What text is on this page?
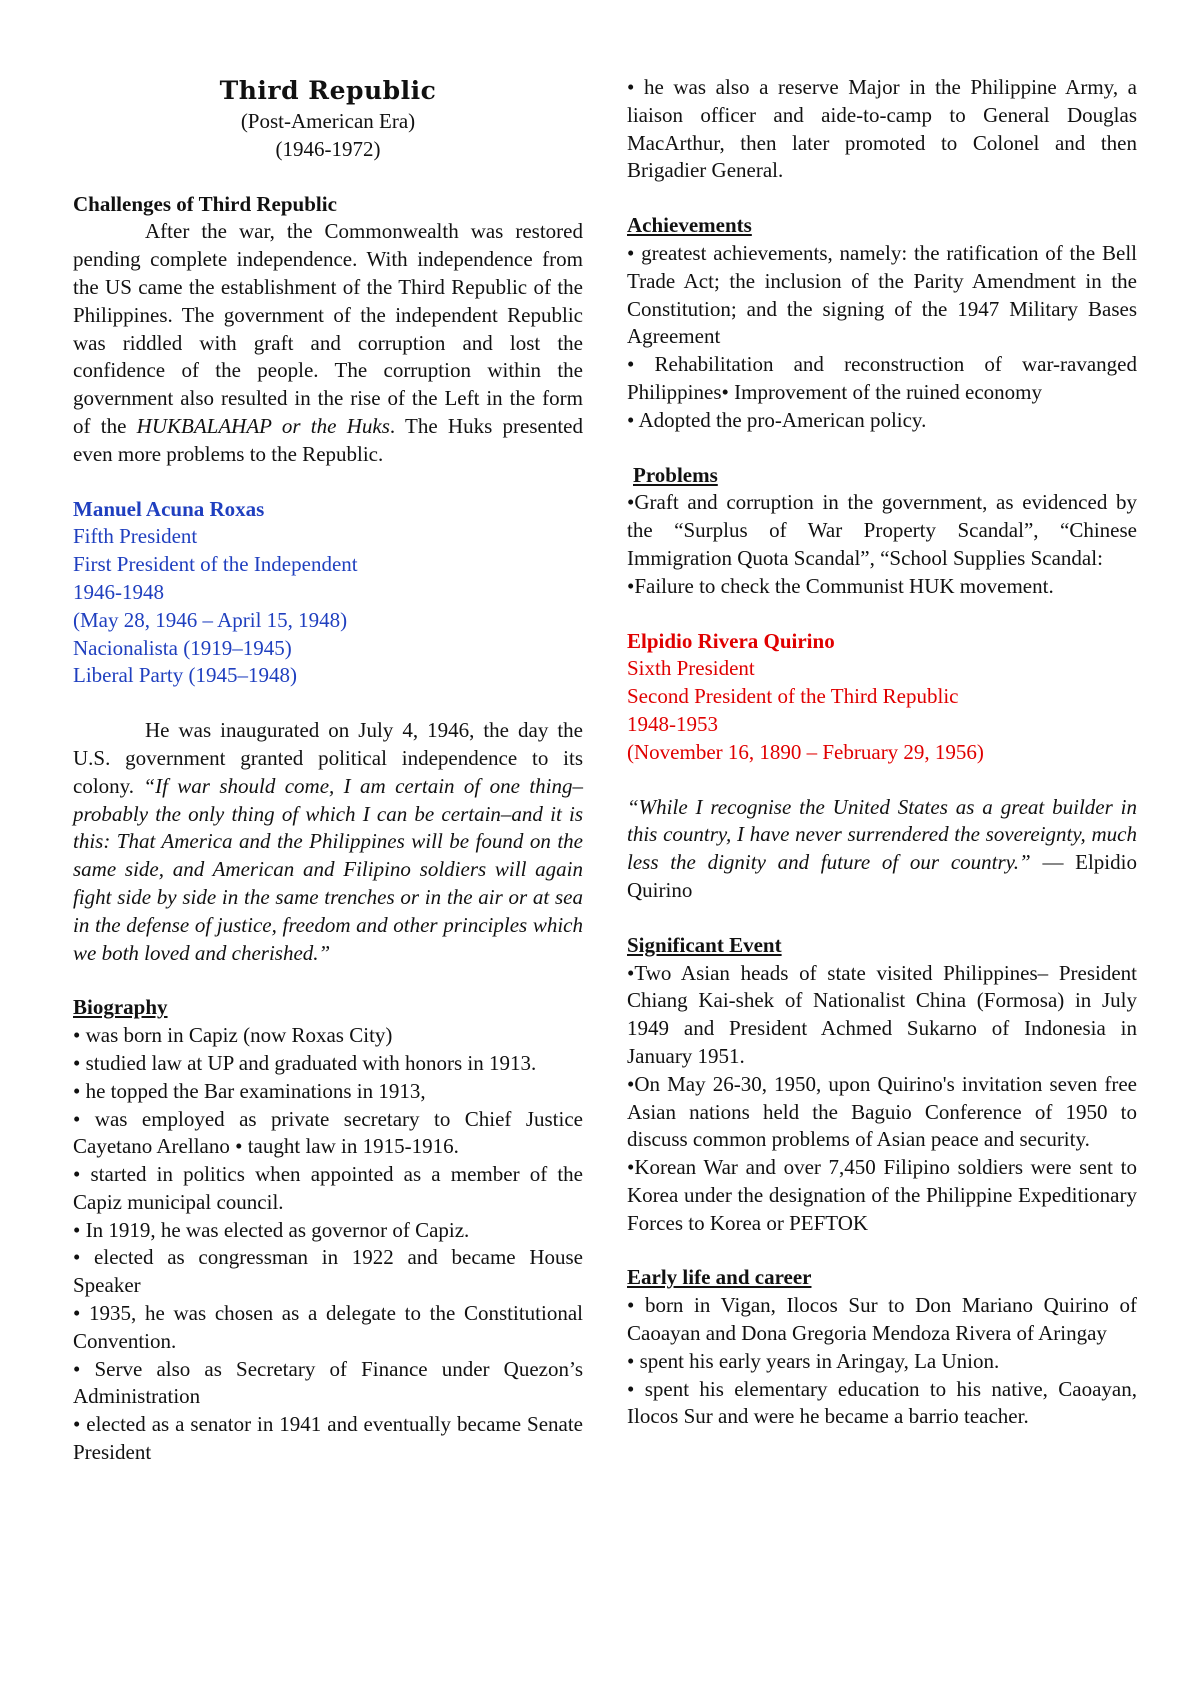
Third Republic
(Post-American Era)
(1946-1972)
Challenges of Third Republic

After the war, the Commonwealth was restored pending complete independence. With independence from the US came the establishment of the Third Republic of the Philippines. The government of the independent Republic was riddled with graft and corruption and lost the confidence of the people. The corruption within the government also resulted in the rise of the Left in the form of the HUKBALAHAP or the Huks. The Huks presented even more problems to the Republic.

Manuel Acuna Roxas
Fifth President
First President of the Independent
1946-1948
(May 28, 1946 – April 15, 1948)
Nacionalista (1919–1945)
Liberal Party (1945–1948)

He was inaugurated on July 4, 1946, the day the U.S. government granted political independence to its colony. “If war should come, I am certain of one thing–probably the only thing of which I can be certain–and it is this: That America and the Philippines will be found on the same side, and American and Filipino soldiers will again fight side by side in the same trenches or in the air or at sea in the defense of justice, freedom and other principles which we both loved and cherished.”

Biography
• was born in Capiz (now Roxas City)
• studied law at UP and graduated with honors in 1913.
• he topped the Bar examinations in 1913,
• was employed as private secretary to Chief Justice Cayetano Arellano • taught law in 1915-1916.
• started in politics when appointed as a member of the Capiz municipal council.
• In 1919, he was elected as governor of Capiz.
• elected as congressman in 1922 and became House Speaker
• 1935, he was chosen as a delegate to the Constitutional Convention.
• Serve also as Secretary of Finance under Quezon’s Administration
• elected as a senator in 1941 and eventually became Senate President

• he was also a reserve Major in the Philippine Army, a liaison officer and aide-to-camp to General Douglas MacArthur, then later promoted to Colonel and then Brigadier General.

Achievements
• greatest achievements, namely: the ratification of the Bell Trade Act; the inclusion of the Parity Amendment in the Constitution; and the signing of the 1947 Military Bases Agreement
• Rehabilitation and reconstruction of war-ravanged Philippines• Improvement of the ruined economy
• Adopted the pro-American policy.
Problems
•Graft and corruption in the government, as evidenced by the “Surplus of War Property Scandal”, “Chinese Immigration Quota Scandal”, “School Supplies Scandal:
•Failure to check the Communist HUK movement.
Elpidio Rivera Quirino
Sixth President
Second President of the Third Republic
1948-1953
(November 16, 1890 – February 29, 1956)

“While I recognise the United States as a great builder in this country, I have never surrendered the sovereignty, much less the dignity and future of our country.” — Elpidio Quirino

Significant Event
•Two Asian heads of state visited Philippines– President Chiang Kai-shek of Nationalist China (Formosa) in July 1949 and President Achmed Sukarno of Indonesia in January 1951.
•On May 26-30, 1950, upon Quirino's invitation seven free Asian nations held the Baguio Conference of 1950 to discuss common problems of Asian peace and security.
•Korean War and over 7,450 Filipino soldiers were sent to Korea under the designation of the Philippine Expeditionary Forces to Korea or PEFTOK
Early life and career
• born in Vigan, Ilocos Sur to Don Mariano Quirino of Caoayan and Dona Gregoria Mendoza Rivera of Aringay
• spent his early years in Aringay, La Union.
• spent his elementary education to his native, Caoayan, Ilocos Sur and were he became a barrio teacher.
